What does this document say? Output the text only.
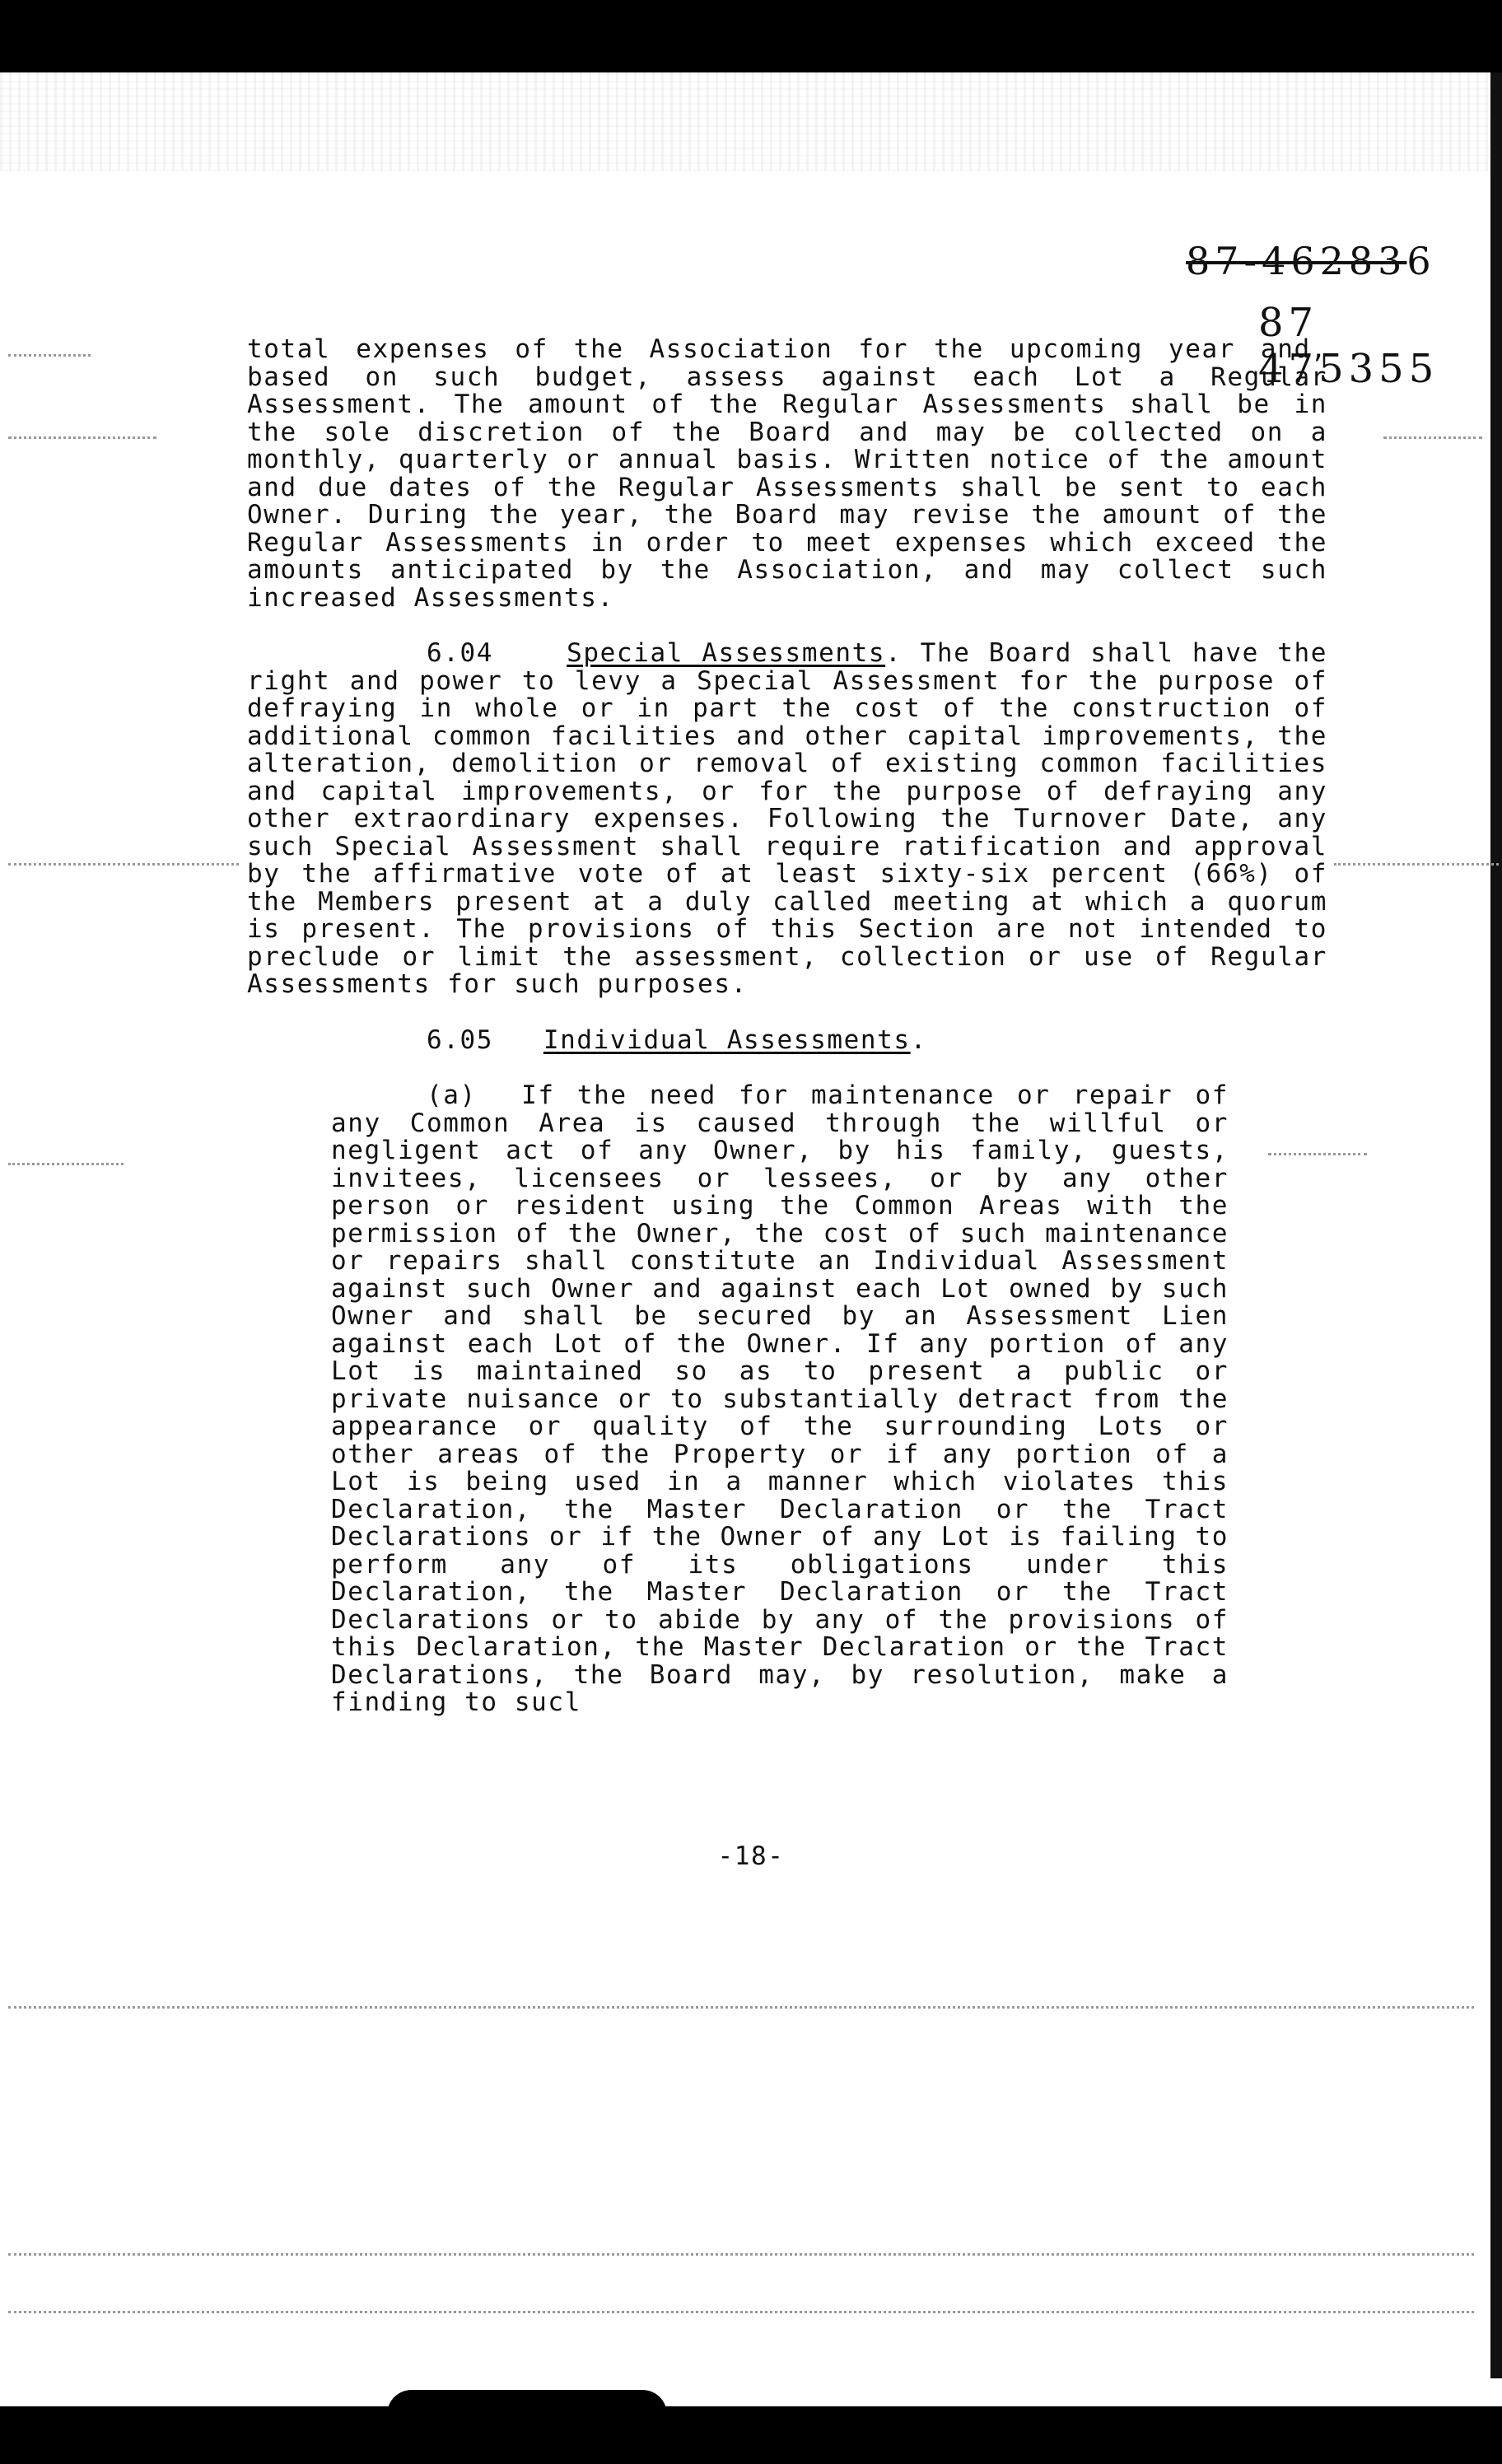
87-462836
87 475355

total expenses of the Association for the upcoming year and, based on such budget, assess against each Lot a Regular Assessment. The amount of the Regular Assessments shall be in the sole discretion of the Board and may be collected on a monthly, quarterly or annual basis. Written notice of the amount and due dates of the Regular Assessments shall be sent to each Owner. During the year, the Board may revise the amount of the Regular Assessments in order to meet expenses which exceed the amounts anticipated by the Association, and may collect such increased Assessments.

6.04	Special Assessments. The Board shall have the right and power to levy a Special Assessment for the purpose of defraying in whole or in part the cost of the construction of additional common facilities and other capital improvements, the alteration, demolition or removal of existing common facilities and capital improvements, or for the purpose of defraying any other extraordinary expenses. Following the Turnover Date, any such Special Assessment shall require ratification and approval by the affirmative vote of at least sixty-six percent (66%) of the Members present at a duly called meeting at which a quorum is present. The provisions of this Section are not intended to preclude or limit the assessment, collection or use of Regular Assessments for such purposes.

6.05 Individual Assessments.

(a) If the need for maintenance or repair of any Common Area is caused through the willful or negligent act of any Owner, by his family, guests, invitees, licensees or lessees, or by any other person or resident using the Common Areas with the permission of the Owner, the cost of such maintenance or repairs shall constitute an Individual Assessment against such Owner and against each Lot owned by such Owner and shall be secured by an Assessment Lien against each Lot of the Owner. If any portion of any Lot is maintained so as to present a public or private nuisance or to substantially detract from the appearance or quality of the surrounding Lots or other areas of the Property or if any portion of a Lot is being used in a manner which violates this Declaration, the Master Declaration or the Tract Declarations or if the Owner of any Lot is failing to perform any of its obligations under this Declaration, the Master Declaration or the Tract Declarations or to abide by any of the provisions of this Declaration, the Master Declaration or the Tract Declarations, the Board may, by resolution, make a finding to sucl

-18-
